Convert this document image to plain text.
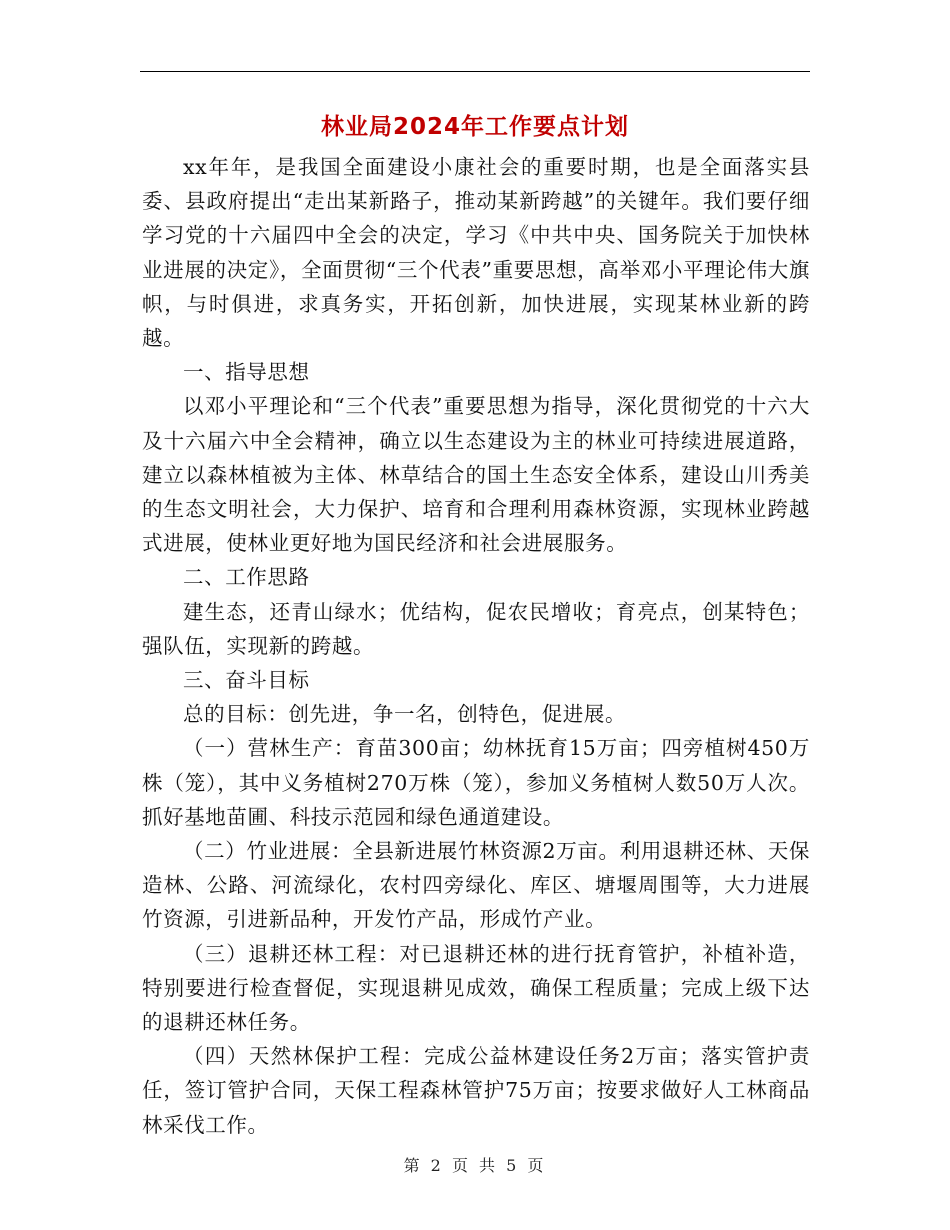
林业局2024年工作要点计划

xx年年，是我国全面建设小康社会的重要时期，也是全面落实县委、县政府提出“走出某新路子，推动某新跨越”的关键年。我们要仔细学习党的十六届四中全会的决定，学习《中共中央、国务院关于加快林业进展的决定》，全面贯彻“三个代表”重要思想，高举邓小平理论伟大旗帜，与时俱进，求真务实，开拓创新，加快进展，实现某林业新的跨越。

一、指导思想

以邓小平理论和“三个代表”重要思想为指导，深化贯彻党的十六大及十六届六中全会精神，确立以生态建设为主的林业可持续进展道路，建立以森林植被为主体、林草结合的国土生态安全体系，建设山川秀美的生态文明社会，大力保护、培育和合理利用森林资源，实现林业跨越式进展，使林业更好地为国民经济和社会进展服务。

二、工作思路

建生态，还青山绿水；优结构，促农民增收；育亮点，创某特色；强队伍，实现新的跨越。

三、奋斗目标

总的目标：创先进，争一名，创特色，促进展。

（一）营林生产：育苗300亩；幼林抚育15万亩；四旁植树450万株（笼），其中义务植树270万株（笼），参加义务植树人数50万人次。抓好基地苗圃、科技示范园和绿色通道建设。

（二）竹业进展：全县新进展竹林资源2万亩。利用退耕还林、天保造林、公路、河流绿化，农村四旁绿化、库区、塘堰周围等，大力进展竹资源，引进新品种，开发竹产品，形成竹产业。

（三）退耕还林工程：对已退耕还林的进行抚育管护，补植补造，特别要进行检查督促，实现退耕见成效，确保工程质量；完成上级下达的退耕还林任务。

（四）天然林保护工程：完成公益林建设任务2万亩；落实管护责任，签订管护合同，天保工程森林管护75万亩；按要求做好人工林商品林采伐工作。

第 2 页 共 5 页
